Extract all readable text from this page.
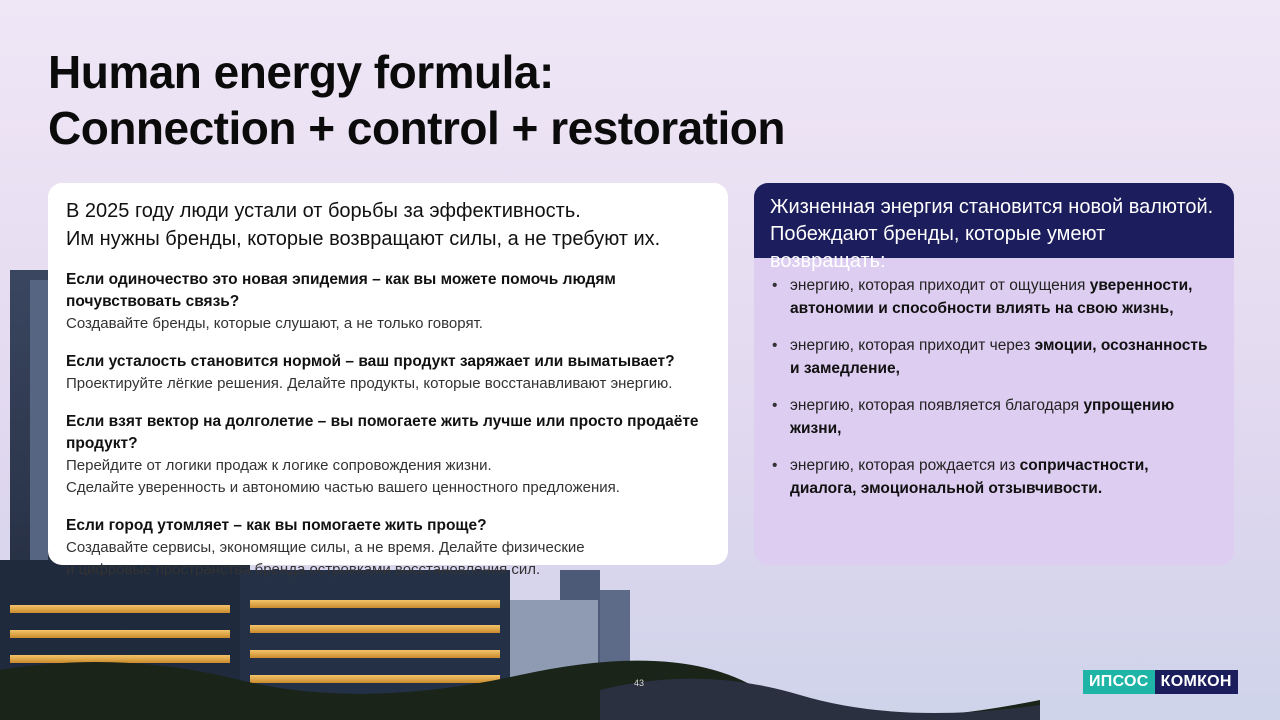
Human energy formula:
Connection + control + restoration

В 2025 году люди устали от борьбы за эффективность.
Им нужны бренды, которые возвращают силы, а не требуют их.

Если одиночество это новая эпидемия – как вы можете помочь людям почувствовать связь?
Создавайте бренды, которые слушают, а не только говорят.
Если усталость становится нормой – ваш продукт заряжает или выматывает?
Проектируйте лёгкие решения. Делайте продукты, которые восстанавливают энергию.
Если взят вектор на долголетие – вы помогаете жить лучше или просто продаёте продукт?
Перейдите от логики продаж к логике сопровождения жизни.
Сделайте уверенность и автономию частью вашего ценностного предложения.
Если город утомляет – как вы помогаете жить проще?
Создавайте сервисы, экономящие силы, а не время. Делайте физические
и цифровые пространства бренда островками восстановления сил.
Жизненная энергия становится новой валютой.
Побеждают бренды, которые умеют возвращать:
• энергию, которая приходит от ощущения уверенности, автономии и способности влиять на свою жизнь,
• энергию, которая приходит через эмоции, осознанность и замедление,
• энергию, которая появляется благодаря упрощению жизни,
• энергию, которая рождается из сопричастности, диалога, эмоциональной отзывчивости.
43	ИПСОС КОМКОН
